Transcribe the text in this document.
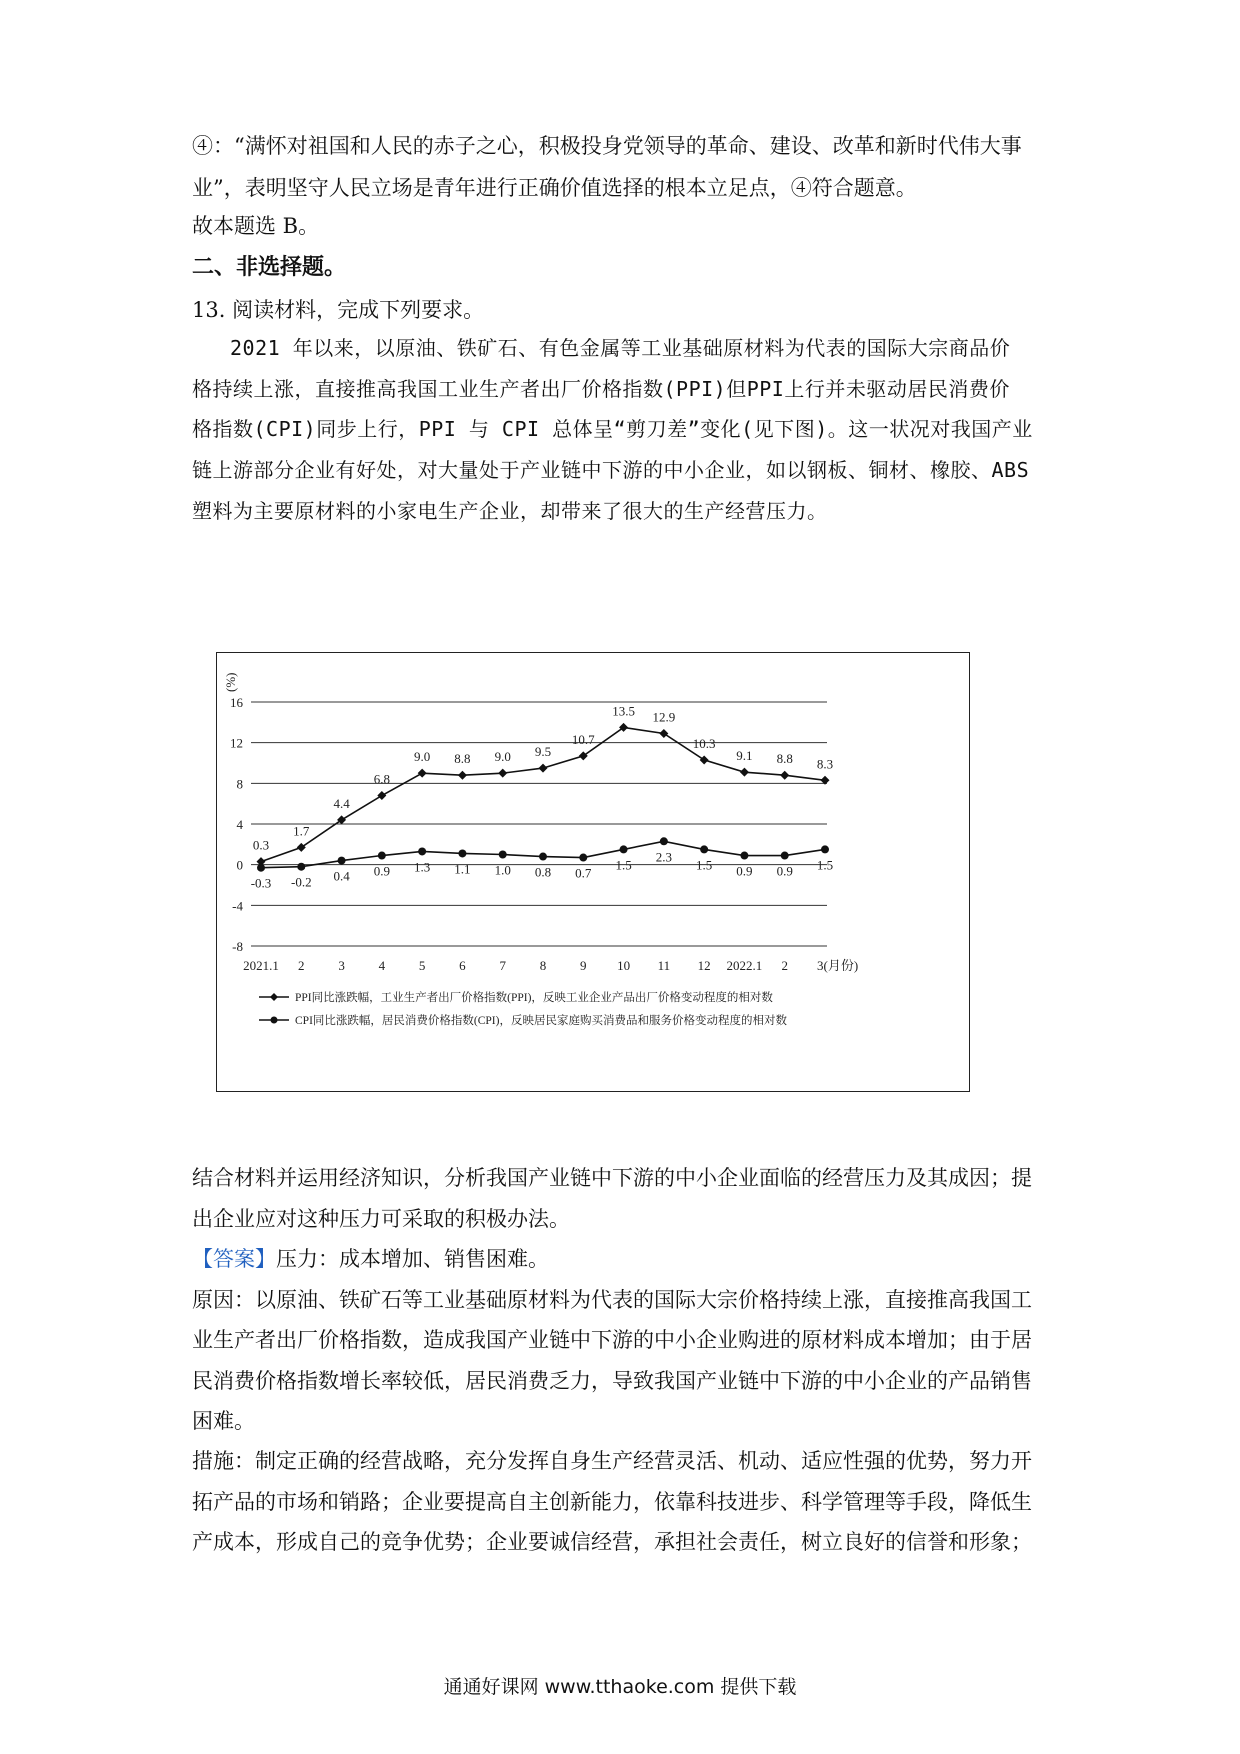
④：“满怀对祖国和人民的赤子之心，积极投身党领导的革命、建设、改革和新时代伟大事
业”，表明坚守人民立场是青年进行正确价值选择的根本立足点，④符合题意。
故本题选 B。
二、非选择题。
13. 阅读材料，完成下列要求。
2021 年以来，以原油、铁矿石、有色金属等工业基础原材料为代表的国际大宗商品价
格持续上涨，直接推高我国工业生产者出厂价格指数(PPI)但PPI上行并未驱动居民消费价
格指数(CPI)同步上行，PPI 与 CPI 总体呈“剪刀差”变化(见下图)。这一状况对我国产业
链上游部分企业有好处，对大量处于产业链中下游的中小企业，如以钢板、铜材、橡胶、ABS
塑料为主要原材料的小家电生产企业，却带来了很大的生产经营压力。
-8
-4
0
4
8
12
16
(%)
2021.1 2	3	4	5	6	7	8	9 10 11 12 2022.1 2 3(月份)
0.3
1.7
4.4
6.8
9.0 8.8 9.0 9.5
10.7
13.5 12.9
10.3
9.1 8.8 8.3
-0.3 -0.2 0.4 0.9 1.3 1.1 1.0 0.8 0.7
1.5
2.3
1.5 0.9 0.9 1.5
PPI同比涨跌幅，工业生产者出厂价格指数(PPI)，反映工业企业产品出厂价格变动程度的相对数
CPI同比涨跌幅，居民消费价格指数(CPI)，反映居民家庭购买消费品和服务价格变动程度的相对数
结合材料并运用经济知识，分析我国产业链中下游的中小企业面临的经营压力及其成因；提
出企业应对这种压力可采取的积极办法。
【答案】压力：成本增加、销售困难。
原因：以原油、铁矿石等工业基础原材料为代表的国际大宗价格持续上涨，直接推高我国工
业生产者出厂价格指数，造成我国产业链中下游的中小企业购进的原材料成本增加；由于居
民消费价格指数增长率较低，居民消费乏力，导致我国产业链中下游的中小企业的产品销售
困难。
措施：制定正确的经营战略，充分发挥自身生产经营灵活、机动、适应性强的优势，努力开
拓产品的市场和销路；企业要提高自主创新能力，依靠科技进步、科学管理等手段，降低生
产成本，形成自己的竞争优势；企业要诚信经营，承担社会责任，树立良好的信誉和形象；
通通好课网 www.tthaoke.com 提供下载
